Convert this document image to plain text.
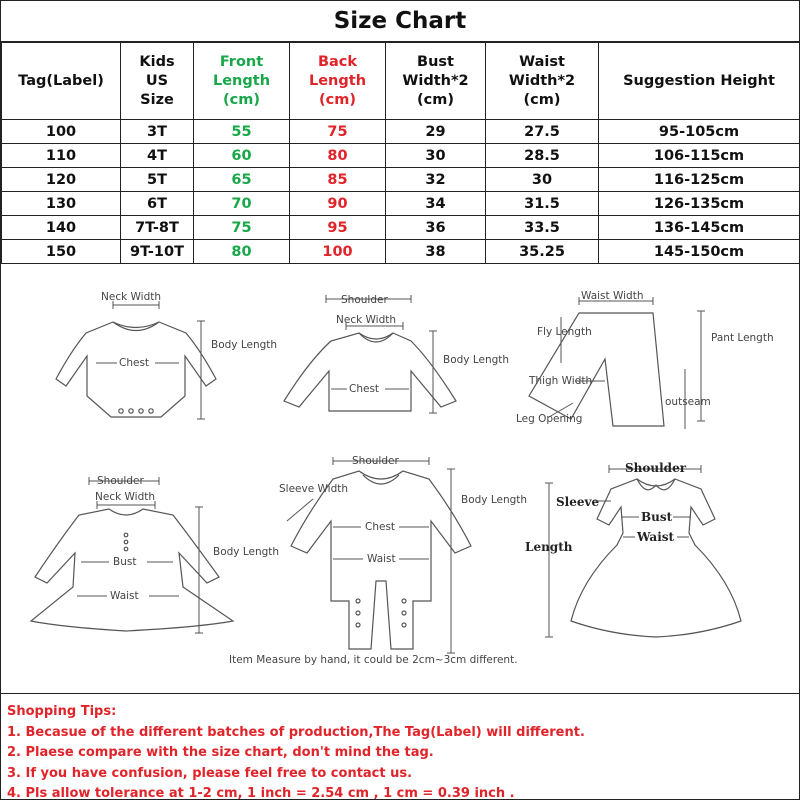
Size Chart
Tag(Label)	Kids US Size	Front Length (cm)	Back Length (cm)	Bust Width*2 (cm)	Waist Width*2 (cm)	Suggestion Height
100	3T	55	75	29	27.5	95-105cm
110	4T	60	80	30	28.5	106-115cm
120	5T	65	85	32	30	116-125cm
130	6T	70	90	34	31.5	126-135cm
140	7T-8T	75	95	36	33.5	136-145cm
150	9T-10T	80	100	38	35.25	145-150cm
Neck Width
Chest
Body Length
Shoulder
Neck Width
Chest
Body Length
Waist Width
Fly Length	Pant Length
Thigh Width
outseam
Leg Opening
Shoulder
Neck Width
Bust
Waist
Body Length
Shoulder
Sleeve Width
Chest
Waist
Body Length
Shoulder
Sleeve
Bust
Waist
Length
Item Measure by hand, it could be 2cm~3cm different.
Shopping Tips:
1. Becasue of the different batches of production,The Tag(Label) will different.
2. Plaese compare with the size chart, don't mind the tag.
3. If you have confusion, please feel free to contact us.
4. Pls allow tolerance at 1-2 cm, 1 inch = 2.54 cm , 1 cm = 0.39 inch .
